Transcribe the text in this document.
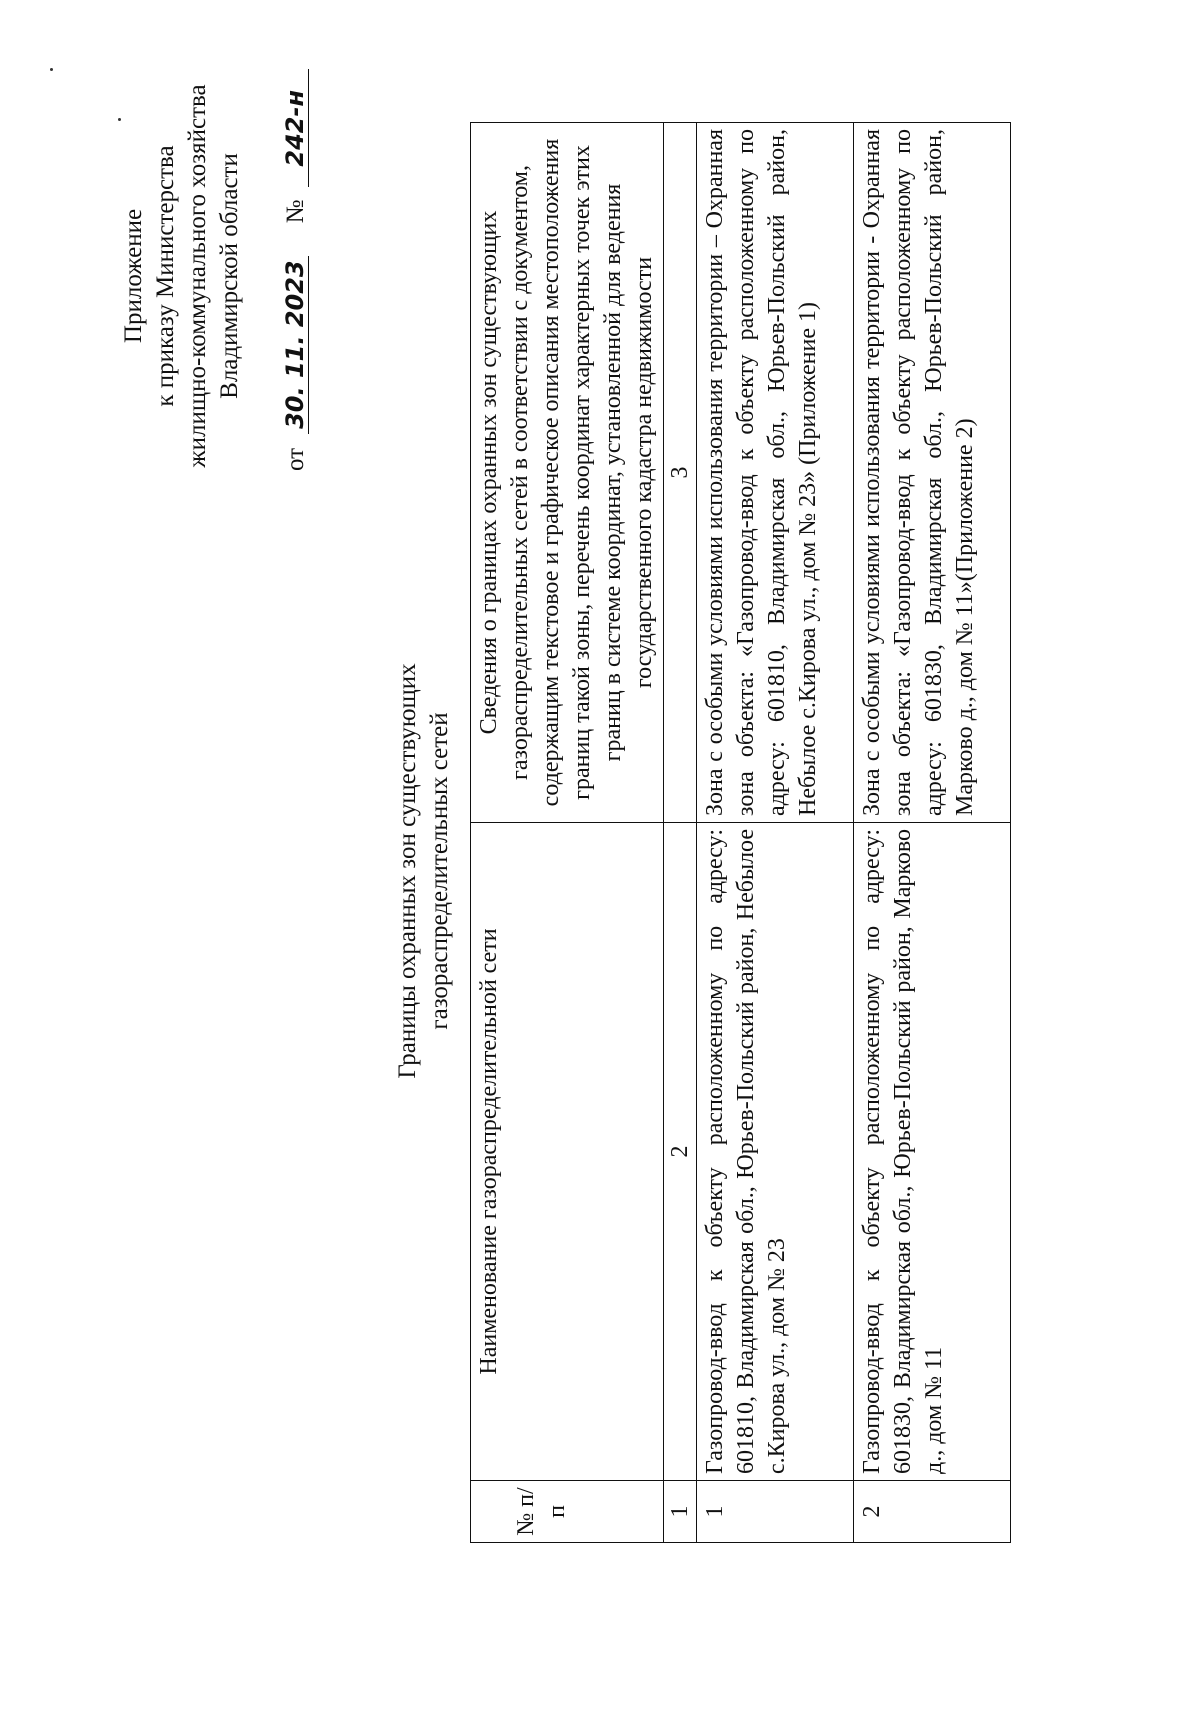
Приложение к приказу Министерства жилищно-коммунального хозяйства Владимирской области
от 30. 11. 2023 № 242-н
Границы охранных зон существующих газораспределительных сетей
№ п/п	Наименование газораспределительной сети	Сведения о границах охранных зон существующих газораспределительных сетей в соответствии с документом, содержащим текстовое и графическое описания местоположения границ такой зоны, перечень координат характерных точек этих границ в системе координат, установленной для ведения государственного кадастра недвижимости
1	2	3
1	Газопровод-ввод к объекту расположенному по адресу: 601810, Владимирская обл., Юрьев-Польский район, Небылое с.Кирова ул., дом № 23	Зона с особыми условиями использования территории – Охранная зона объекта: «Газопровод-ввод к объекту расположенному по адресу: 601810, Владимирская обл., Юрьев-Польский район, Небылое с.Кирова ул., дом № 23» (Приложение 1)
2	Газопровод-ввод к объекту расположенному по адресу: 601830, Владимирская обл., Юрьев-Польский район, Марково д., дом № 11	Зона с особыми условиями использования территории - Охранная зона объекта: «Газопровод-ввод к объекту расположенному по адресу: 601830, Владимирская обл., Юрьев-Польский район, Марково д., дом № 11»(Приложение 2)
